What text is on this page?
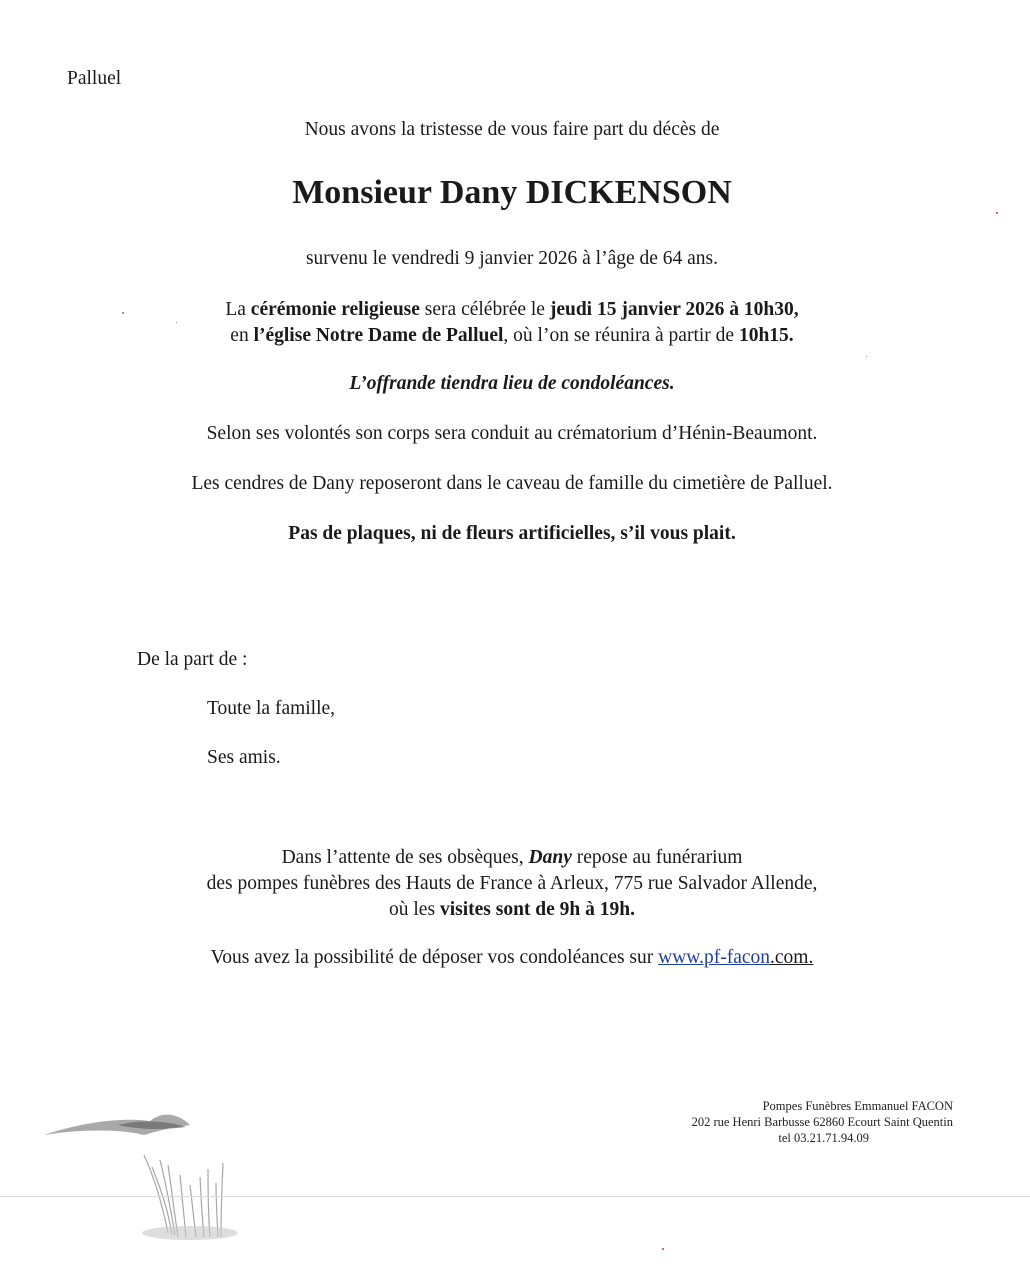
Palluel
Nous avons la tristesse de vous faire part du décès de
Monsieur Dany DICKENSON
survenu le vendredi 9 janvier 2026 à l’âge de 64 ans.
La cérémonie religieuse sera célébrée le jeudi 15 janvier 2026 à 10h30,
en l’église Notre Dame de Palluel, où l’on se réunira à partir de 10h15.
L’offrande tiendra lieu de condoléances.
Selon ses volontés son corps sera conduit au crématorium d’Hénin-Beaumont.
Les cendres de Dany reposeront dans le caveau de famille du cimetière de Palluel.
Pas de plaques, ni de fleurs artificielles, s’il vous plait.
De la part de :
Toute la famille,
Ses amis.
Dans l’attente de ses obsèques, Dany repose au funérarium
des pompes funèbres des Hauts de France à Arleux, 775 rue Salvador Allende,
où les visites sont de 9h à 19h.
Vous avez la possibilité de déposer vos condoléances sur www.pf-facon.com.
Pompes Funèbres Emmanuel FACON
202 rue Henri Barbusse 62860 Ecourt Saint Quentin
tel 03.21.71.94.09
